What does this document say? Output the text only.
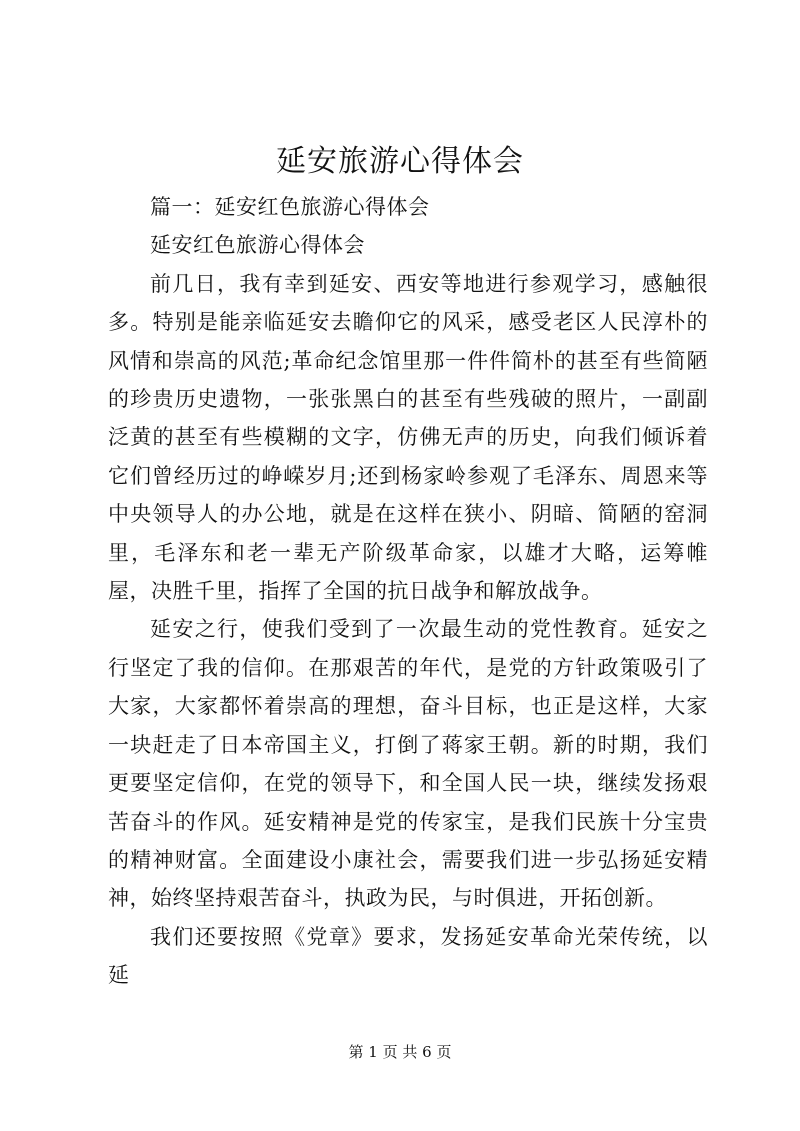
延安旅游心得体会

篇一：延安红色旅游心得体会

延安红色旅游心得体会

前几日，我有幸到延安、西安等地进行参观学习，感触很多。特别是能亲临延安去瞻仰它的风采，感受老区人民淳朴的风情和崇高的风范;革命纪念馆里那一件件简朴的甚至有些简陋的珍贵历史遗物，一张张黑白的甚至有些残破的照片，一副副泛黄的甚至有些模糊的文字，仿佛无声的历史，向我们倾诉着它们曾经历过的峥嵘岁月;还到杨家岭参观了毛泽东、周恩来等中央领导人的办公地，就是在这样在狭小、阴暗、简陋的窑洞里，毛泽东和老一辈无产阶级革命家，以雄才大略，运筹帷屋，决胜千里，指挥了全国的抗日战争和解放战争。

延安之行，使我们受到了一次最生动的党性教育。延安之行坚定了我的信仰。在那艰苦的年代，是党的方针政策吸引了大家，大家都怀着崇高的理想，奋斗目标，也正是这样，大家一块赶走了日本帝国主义，打倒了蒋家王朝。新的时期，我们更要坚定信仰，在党的领导下，和全国人民一块，继续发扬艰苦奋斗的作风。延安精神是党的传家宝，是我们民族十分宝贵的精神财富。全面建设小康社会，需要我们进一步弘扬延安精神，始终坚持艰苦奋斗，执政为民，与时俱进，开拓创新。

我们还要按照《党章》要求，发扬延安革命光荣传统，以延

第 1 页 共 6 页
